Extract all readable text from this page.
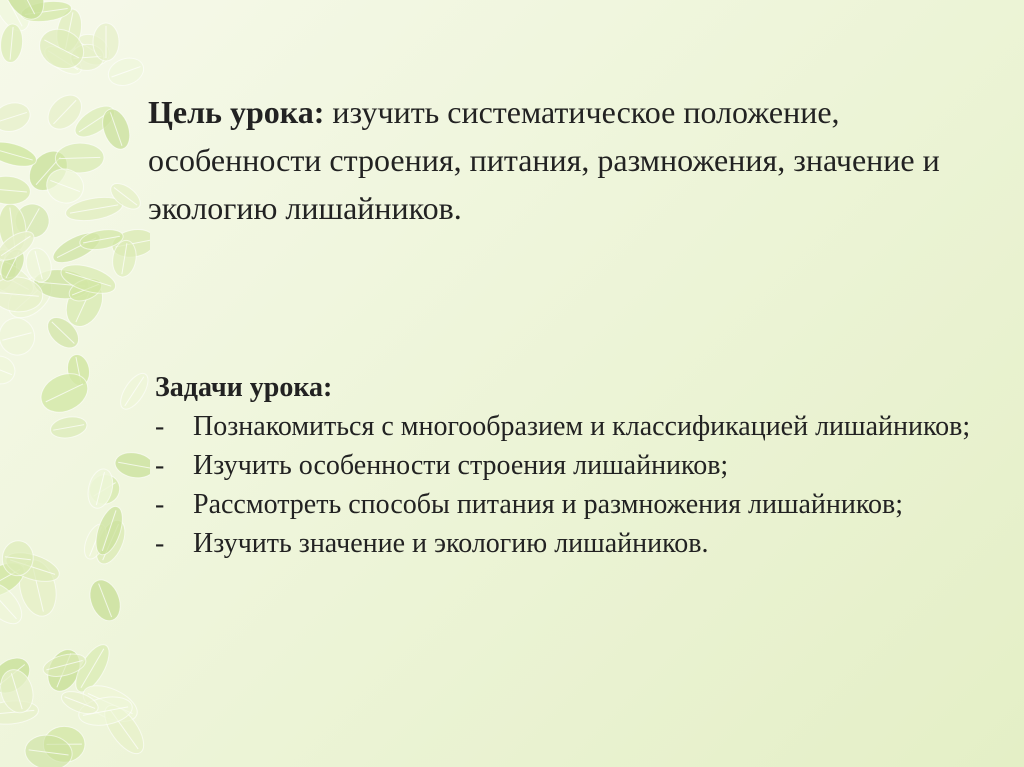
Цель урока: изучить систематическое положение, особенности строения, питания, размножения, значение и экологию лишайников.
Задачи урока:
-	Познакомиться с многообразием и классификацией лишайников;
-	Изучить особенности строения лишайников;
-	Рассмотреть способы питания и размножения лишайников;
-	Изучить значение и экологию лишайников.
